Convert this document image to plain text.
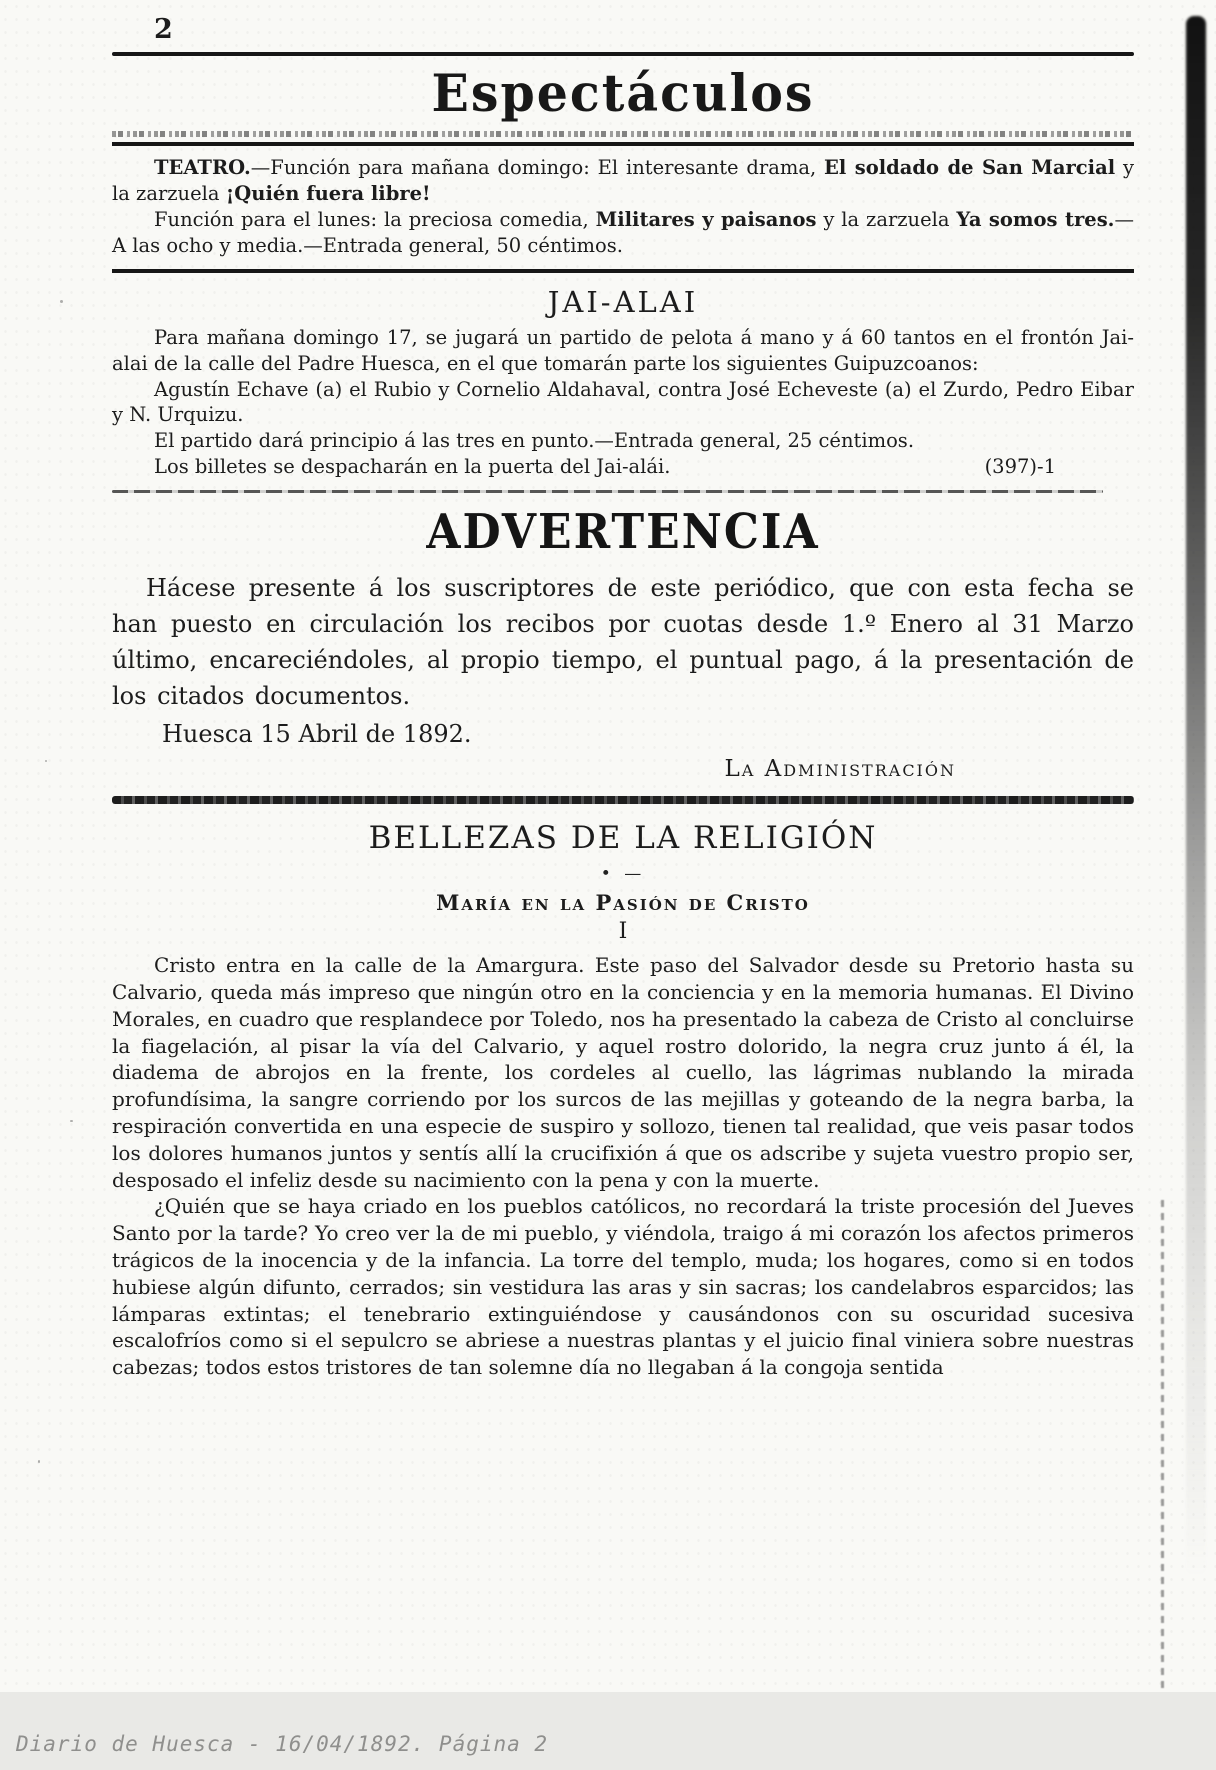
2
Espectáculos

TEATRO.—Función para mañana domingo: El interesante drama, El soldado de San Marcial y la zarzuela ¡Quién fuera libre!

Función para el lunes: la preciosa comedia, Militares y paisanos y la zarzuela Ya somos tres.—A las ocho y media.—Entrada general, 50 céntimos.

JAI-ALAI

Para mañana domingo 17, se jugará un partido de pelota á mano y á 60 tantos en el frontón Jai-alai de la calle del Padre Huesca, en el que tomarán parte los siguientes Guipuzcoanos:

Agustín Echave (a) el Rubio y Cornelio Aldahaval, contra José Echeveste (a) el Zurdo, Pedro Eibar y N. Urquizu.

El partido dará principio á las tres en punto.—Entrada general, 25 céntimos.

Los billetes se despacharán en la puerta del Jai-alái.	(397)-1

ADVERTENCIA

Hácese presente á los suscriptores de este periódico, que con esta fecha se han puesto en circulación los recibos por cuotas desde 1.º Enero al 31 Marzo último, encareciéndoles, al propio tiempo, el puntual pago, á la presentación de los citados documentos.

Huesca 15 Abril de 1892.
La Administración
BELLEZAS DE LA RELIGIÓN
• —
María en la Pasión de Cristo
I

Cristo entra en la calle de la Amargura. Este paso del Salvador desde su Pretorio hasta su Calvario, queda más impreso que ningún otro en la conciencia y en la memoria humanas. El Divino Morales, en cuadro que resplandece por Toledo, nos ha presentado la cabeza de Cristo al concluirse la fiagelación, al pisar la vía del Calvario, y aquel rostro dolorido, la negra cruz junto á él, la diadema de abrojos en la frente, los cordeles al cuello, las lágrimas nublando la mirada profundísima, la sangre corriendo por los surcos de las mejillas y goteando de la negra barba, la respiración convertida en una especie de suspiro y sollozo, tienen tal realidad, que veis pasar todos los dolores humanos juntos y sentís allí la crucifixión á que os adscribe y sujeta vuestro propio ser, desposado el infeliz desde su nacimiento con la pena y con la muerte.

¿Quién que se haya criado en los pueblos católicos, no recordará la triste procesión del Jueves Santo por la tarde? Yo creo ver la de mi pueblo, y viéndola, traigo á mi corazón los afectos primeros trágicos de la inocencia y de la infancia. La torre del templo, muda; los hogares, como si en todos hubiese algún difunto, cerrados; sin vestidura las aras y sin sacras; los candelabros esparcidos; las lámparas extintas; el tenebrario extinguiéndose y causándonos con su oscuridad sucesiva escalofríos como si el sepulcro se abriese a nuestras plantas y el juicio final viniera sobre nuestras cabezas; todos estos tristores de tan solemne día no llegaban á la congoja sentida

Diario de Huesca - 16/04/1892. Página 2
